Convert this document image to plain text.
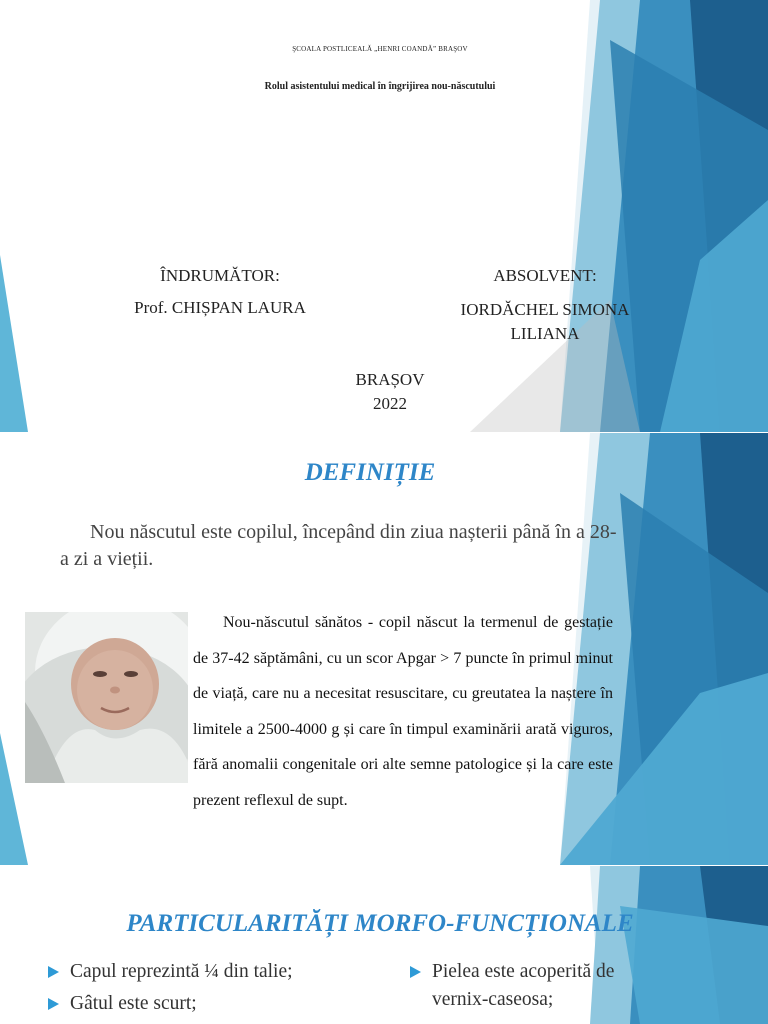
ŞCOALA POSTLICEALĂ „HENRI COANDĂ” BRAŞOV
Rolul asistentului medical în îngrijirea nou-născutului
ÎNDRUMĂTOR:
Prof. CHIȘPAN LAURA
ABSOLVENT:
IORDĂCHEL SIMONA LILIANA
BRAȘOV
2022
DEFINIȚIE
Nou născutul este copilul, începând din ziua nașterii până în a 28- a zi a vieții.
Nou-născutul sănătos - copil născut la termenul de gestație de 37-42 săptămâni, cu un scor Apgar > 7 puncte în primul minut de viață, care nu a necesitat resuscitare, cu greutatea la naștere în limitele a 2500-4000 g și care în timpul examinării arată viguros, fără anomalii congenitale ori alte semne patologice și la care este prezent reflexul de supt.
PARTICULARITĂȚI MORFO-FUNCȚIONALE
Capul reprezintă ¼ din talie;
Gâtul este scurt;
Pielea este acoperită de vernix-caseosa;
